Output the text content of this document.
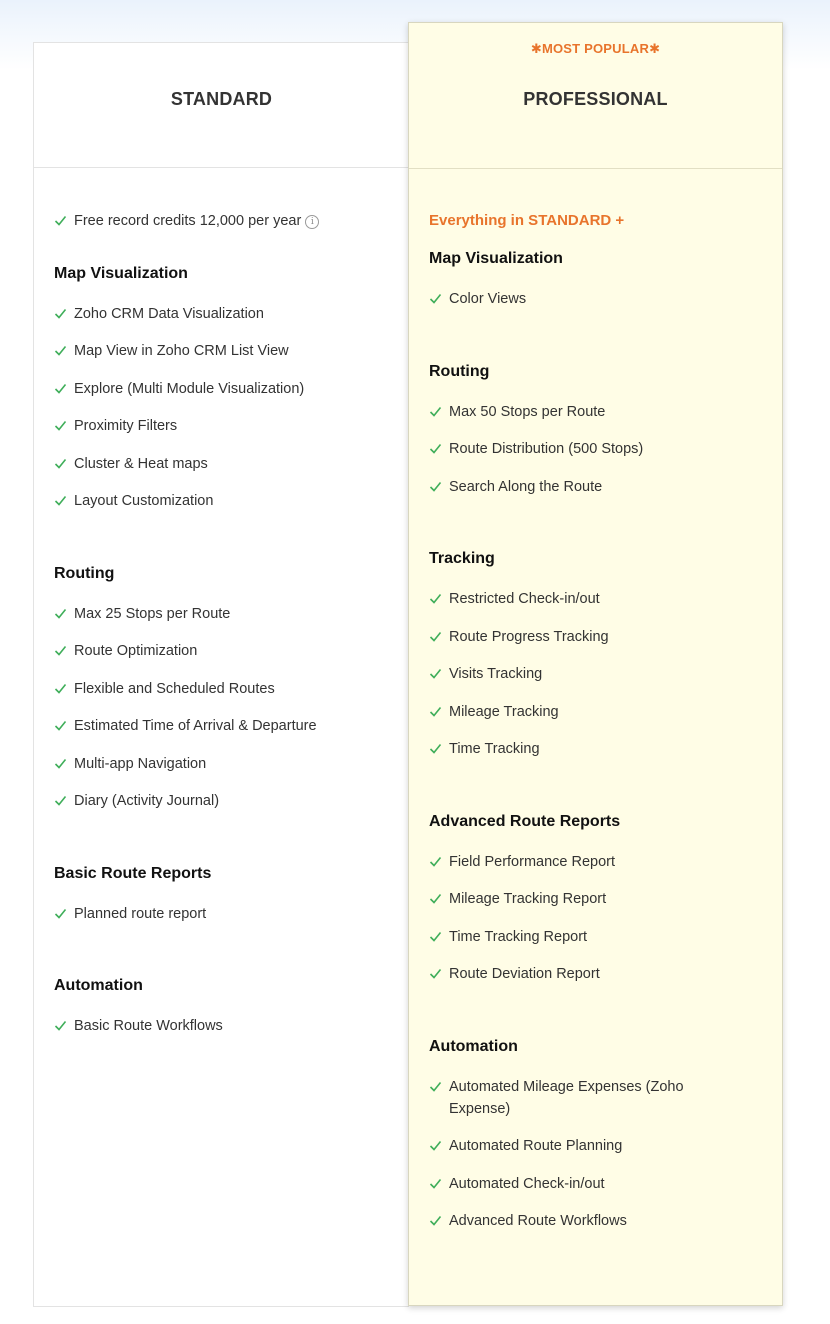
STANDARD
Free record credits 12,000 per year i
Map Visualization
Zoho CRM Data Visualization
Map View in Zoho CRM List View
Explore (Multi Module Visualization)
Proximity Filters
Cluster & Heat maps
Layout Customization
Routing
Max 25 Stops per Route
Route Optimization
Flexible and Scheduled Routes
Estimated Time of Arrival & Departure
Multi-app Navigation
Diary (Activity Journal)
Basic Route Reports
Planned route report
Automation
Basic Route Workflows
✱MOST POPULAR✱
PROFESSIONAL
Everything in STANDARD +
Map Visualization
Color Views
Routing
Max 50 Stops per Route
Route Distribution (500 Stops)
Search Along the Route
Tracking
Restricted Check-in/out
Route Progress Tracking
Visits Tracking
Mileage Tracking
Time Tracking
Advanced Route Reports
Field Performance Report
Mileage Tracking Report
Time Tracking Report
Route Deviation Report
Automation
Automated Mileage Expenses (Zoho Expense)
Automated Route Planning
Automated Check-in/out
Advanced Route Workflows
